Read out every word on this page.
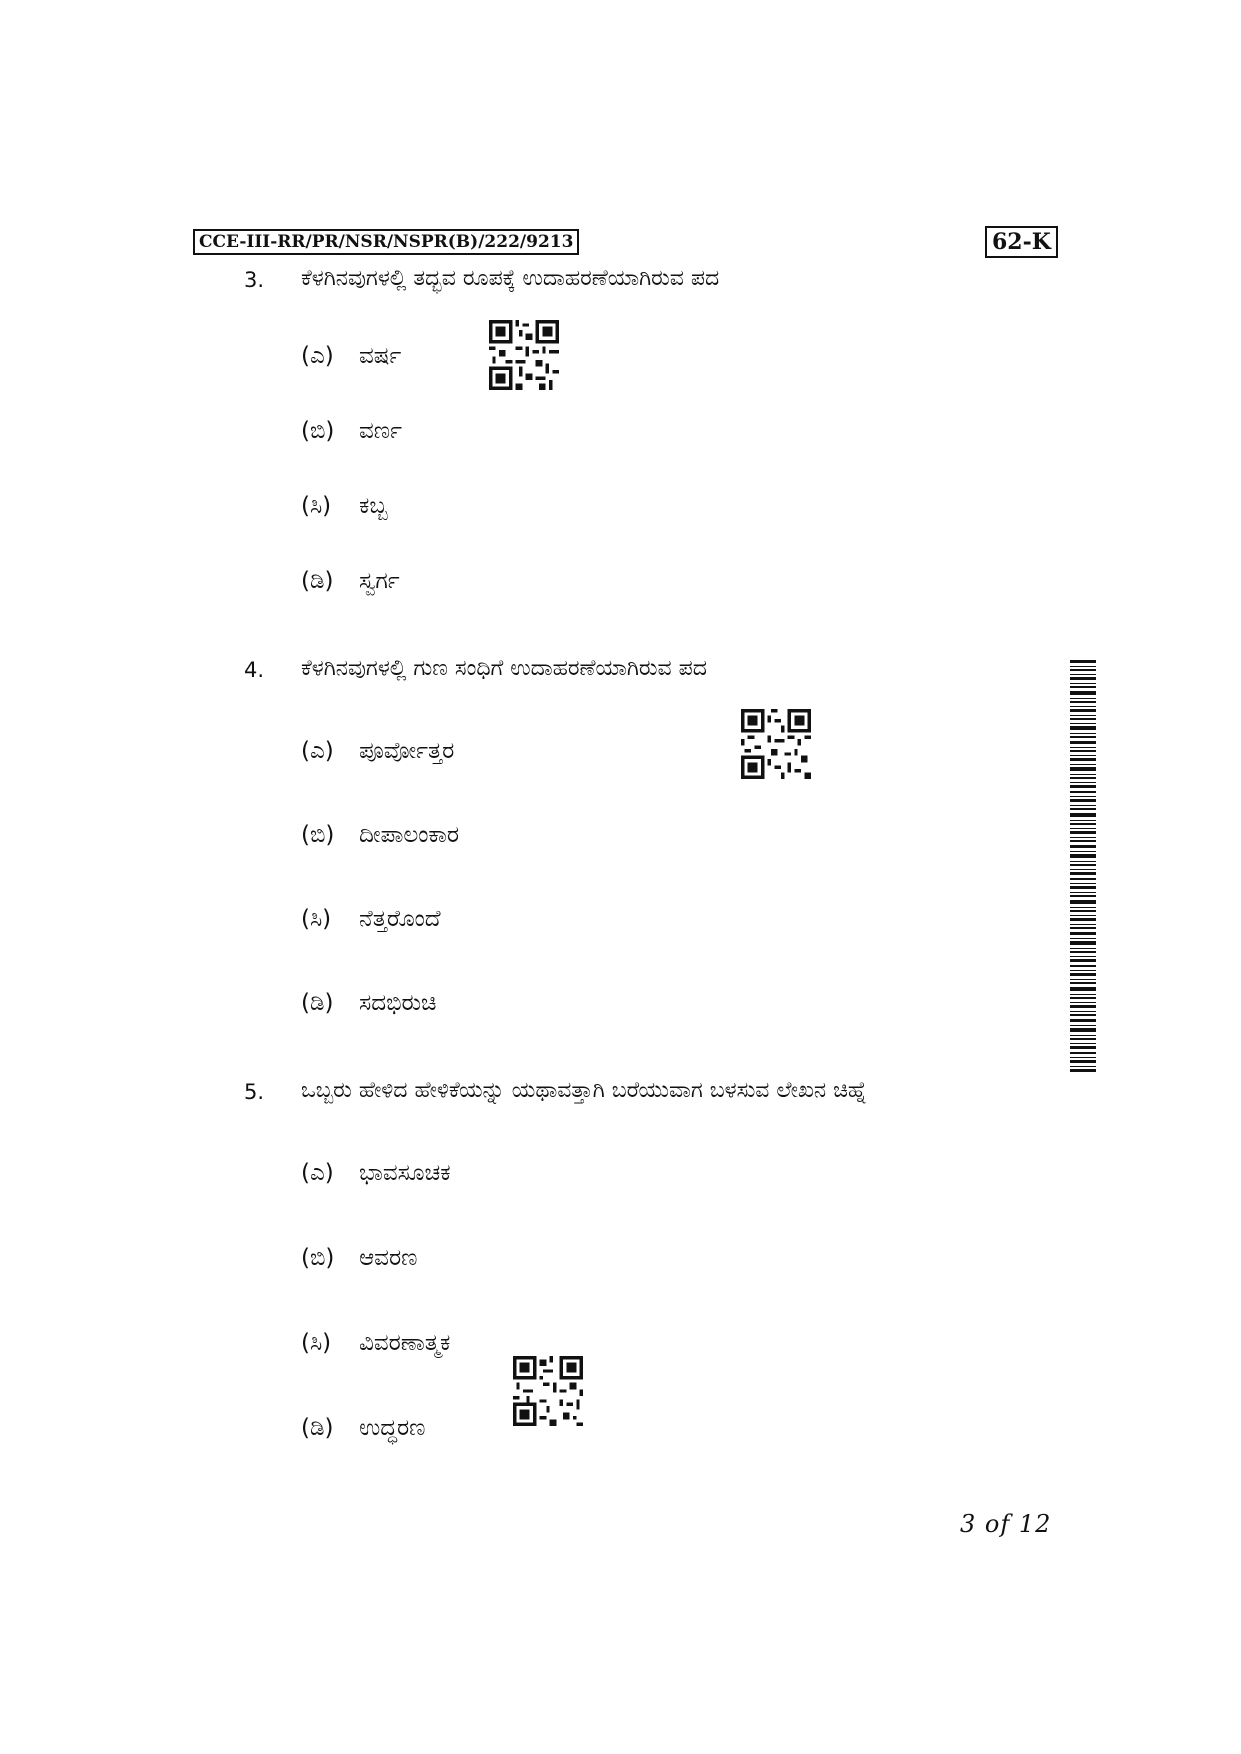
CCE-III-RR/PR/NSR/NSPR(B)/222/9213	62-K
3. ಕೆಳಗಿನವುಗಳಲ್ಲಿ ತದ್ಭವ ರೂಪಕ್ಕೆ ಉದಾಹರಣೆಯಾಗಿರುವ ಪದ
(ಎ) ವರ್ಷ
(ಬಿ) ವರ್ಣ
(ಸಿ) ಕಬ್ಬ
(ಡಿ) ಸ್ವರ್ಗ
4. ಕೆಳಗಿನವುಗಳಲ್ಲಿ ಗುಣ ಸಂಧಿಗೆ ಉದಾಹರಣೆಯಾಗಿರುವ ಪದ
(ಎ) ಪೂರ್ವೋತ್ತರ
(ಬಿ) ದೀಪಾಲಂಕಾರ
(ಸಿ) ನೆತ್ತರೊಂದೆ
(ಡಿ) ಸದಭಿರುಚಿ
5. ಒಬ್ಬರು ಹೇಳಿದ ಹೇಳಿಕೆಯನ್ನು ಯಥಾವತ್ತಾಗಿ ಬರೆಯುವಾಗ ಬಳಸುವ ಲೇಖನ ಚಿಹ್ನೆ
(ಎ) ಭಾವಸೂಚಕ
(ಬಿ) ಆವರಣ
(ಸಿ) ವಿವರಣಾತ್ಮಕ
(ಡಿ) ಉದ್ಧರಣ
3 of 12
